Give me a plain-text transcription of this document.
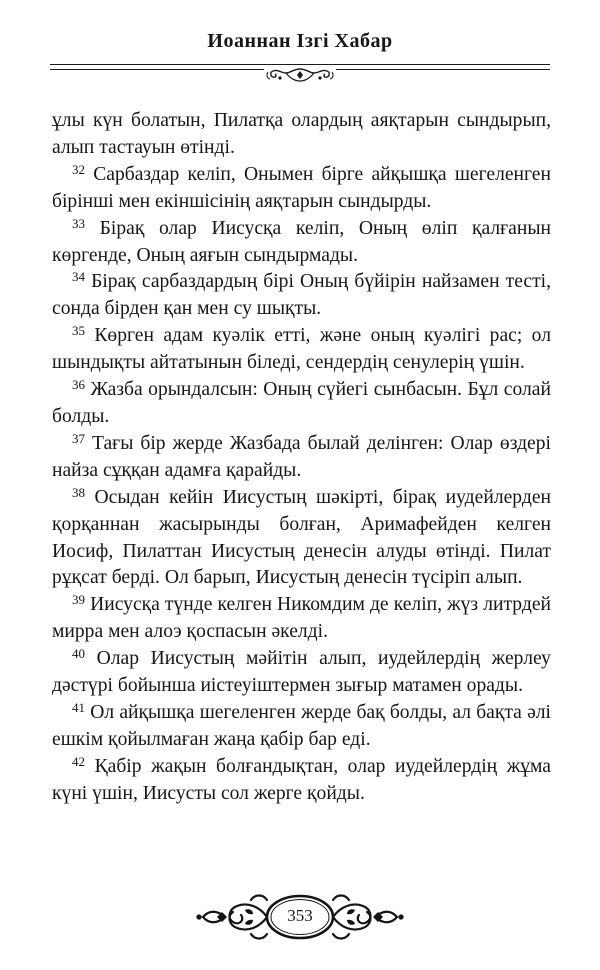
Иоаннан Ізгі Хабар

ұлы күн болатын, Пилатқа олардың аяқтарын сындырып, алып тастауын өтінді.

$^{32}$ Сарбаздар келіп, Онымен бірге айқышқа шегеленген бірінші мен екіншісінің аяқтарын сындырды.

$^{33}$ Бірақ олар Иисусқа келіп, Оның өліп қалғанын көргенде, Оның аяғын сындырмады.

$^{34}$ Бірақ сарбаздардың бірі Оның бүйірін найзамен тесті, сонда бірден қан мен су шықты.

$^{35}$ Көрген адам куәлік етті, және оның куәлігі рас; ол шындықты айтатынын біледі, сендердің сенулерің үшін.

$^{36}$ Жазба орындалсын: Оның сүйегі сынбасын. Бұл солай болды.

$^{37}$ Тағы бір жерде Жазбада былай делінген: Олар өздері найза сұққан адамға қарайды.

$^{38}$ Осыдан кейін Иисустың шәкірті, бірақ иудейлерден қорқаннан жасырынды болған, Аримафейден келген Иосиф, Пилаттан Иисустың денесін алуды өтінді. Пилат рұқсат берді. Ол барып, Иисустың денесін түсіріп алып.

$^{39}$ Иисусқа түнде келген Никомдим де келіп, жүз литрдей мирра мен алоэ қоспасын әкелді.

$^{40}$ Олар Иисустың мәйітін алып, иудейлердің жерлеу дәстүрі бойынша иістеуіштермен зығыр матамен орады.

$^{41}$ Ол айқышқа шегеленген жерде бақ болды, ал бақта әлі ешкім қойылмаған жаңа қабір бар еді.

$^{42}$ Қабір жақын болғандықтан, олар иудейлердің жұма күні үшін, Иисусты сол жерге қойды.

353
